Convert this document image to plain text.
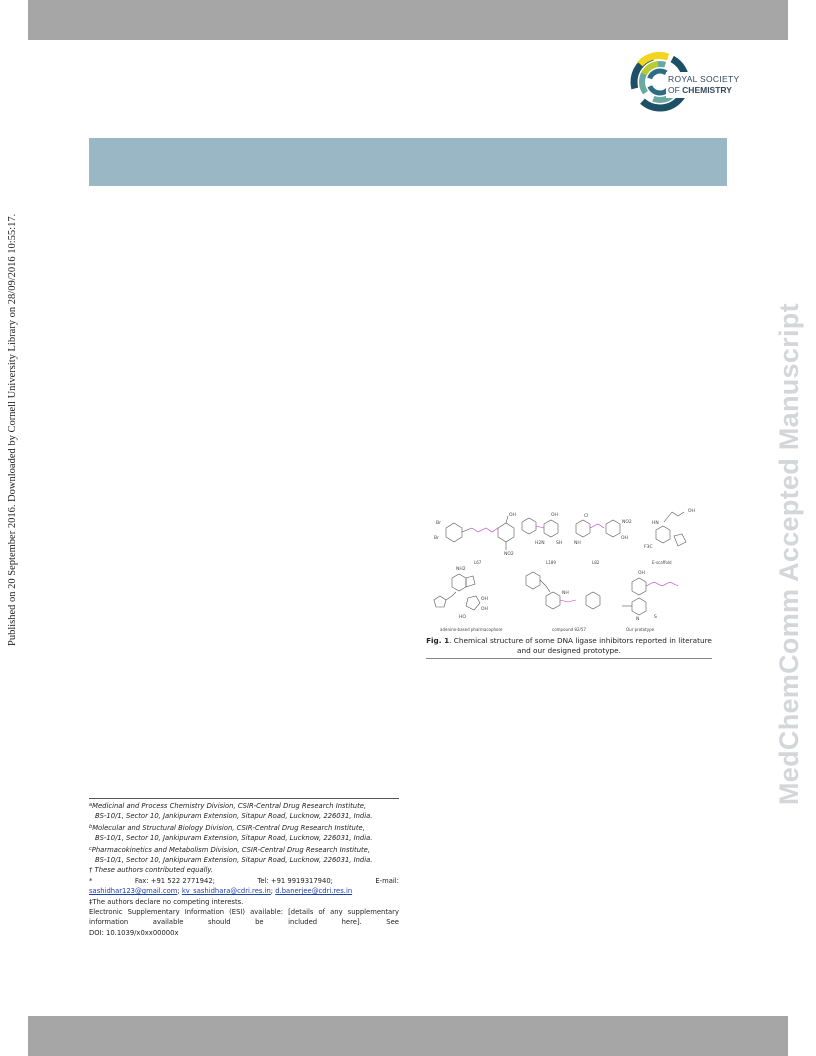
ROYAL SOCIETY
OF CHEMISTRY
Published on 20 September 2016. Downloaded by Cornell University Library on 28/09/2016 10:55:17.	MedChemComm Accepted Manuscript
Br
Br
OH
NO2
L67
OH
H2N	SH
L189
NH
Cl
NO2
OH
L82
OH
HN
F3C
E-scaffold
NH2
OH
OH
HO
adenine-based pharmacophore
NH
compound 82/57
OH
N	S
Our prototype
Fig. 1. Chemical structure of some DNA ligase inhibitors reported in literature and our designed prototype.
$^a$Medicinal and Process Chemistry Division, CSIR-Central Drug Research Institute,
BS-10/1, Sector 10, Jankipuram Extension, Sitapur Road, Lucknow, 226031, India.
$^b$Molecular and Structural Biology Division, CSIR-Central Drug Research Institute,
BS-10/1, Sector 10, Jankipuram Extension, Sitapur Road, Lucknow, 226031, India.
$^c$Pharmacokinetics and Metabolism Division, CSIR-Central Drug Research Institute,
BS-10/1, Sector 10, Jankipuram Extension, Sitapur Road, Lucknow, 226031, India.
† These authors contributed equally.
*	Fax: +91 522 2771942;	Tel: +91 9919317940;	E-mail:
sashidhar123@gmail.com; kv_sashidhara@cdri.res.in; d.banerjee@cdri.res.in
‡The authors declare no competing interests.
Electronic Supplementary Information (ESI) available: [details of any supplementary information available should be included here]. See
DOI: 10.1039/x0xx00000x
